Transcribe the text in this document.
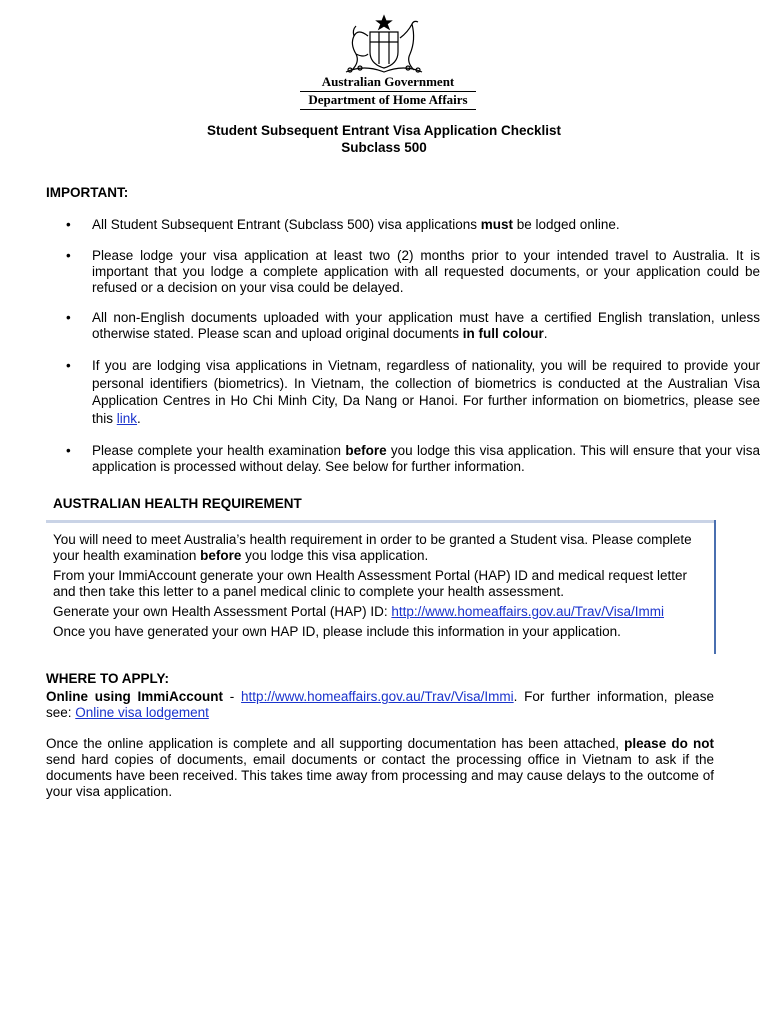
Australian Government
Department of Home Affairs
Student Subsequent Entrant Visa Application Checklist
Subclass 500
IMPORTANT:
• All Student Subsequent Entrant (Subclass 500) visa applications must be lodged online.

• Please lodge your visa application at least two (2) months prior to your intended travel to Australia. It is important that you lodge a complete application with all requested documents, or your application could be refused or a decision on your visa could be delayed.

• All non-English documents uploaded with your application must have a certified English translation, unless otherwise stated. Please scan and upload original documents in full colour.

• If you are lodging visa applications in Vietnam, regardless of nationality, you will be required to provide your personal identifiers (biometrics). In Vietnam, the collection of biometrics is conducted at the Australian Visa Application Centres in Ho Chi Minh City, Da Nang or Hanoi. For further information on biometrics, please see this link.

• Please complete your health examination before you lodge this visa application. This will ensure that your visa application is processed without delay. See below for further information.

AUSTRALIAN HEALTH REQUIREMENT

You will need to meet Australia’s health requirement in order to be granted a Student visa. Please complete your health examination before you lodge this visa application.

From your ImmiAccount generate your own Health Assessment Portal (HAP) ID and medical request letter and then take this letter to a panel medical clinic to complete your health assessment.

Generate your own Health Assessment Portal (HAP) ID: http://www.homeaffairs.gov.au/Trav/Visa/Immi

Once you have generated your own HAP ID, please include this information in your application.

WHERE TO APPLY:

Online using ImmiAccount - http://www.homeaffairs.gov.au/Trav/Visa/Immi. For further information, please see: Online visa lodgement

Once the online application is complete and all supporting documentation has been attached, please do not send hard copies of documents, email documents or contact the processing office in Vietnam to ask if the documents have been received. This takes time away from processing and may cause delays to the outcome of your visa application.
